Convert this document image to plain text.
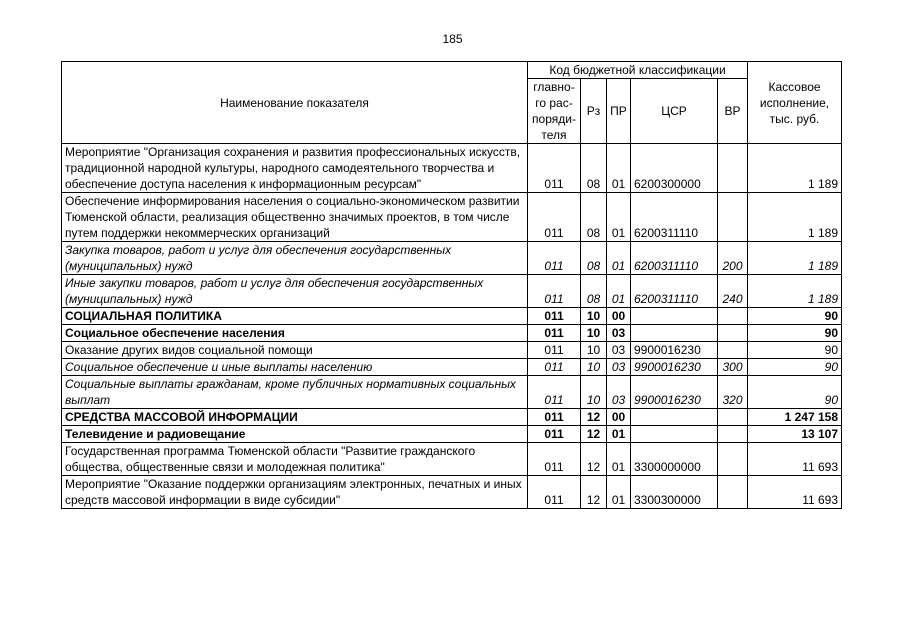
185
Наименование показателя	Код бюджетной классификации					Кассовое исполнение, тыс. руб.
	главно-го рас-поряди-теля	Рз	ПР	ЦСР	ВР	
Мероприятие "Организация сохранения и развития профессиональных искусств, традиционной народной культуры, народного самодеятельного творчества и обеспечение доступа населения к информационным ресурсам"	011	08	01	6200300000		1 189
Обеспечение информирования населения о социально-экономическом развитии Тюменской области, реализация общественно значимых проектов, в том числе путем поддержки некоммерческих организаций	011	08	01	6200311110		1 189
Закупка товаров, работ и услуг для обеспечения государственных (муниципальных) нужд	011	08	01	6200311110	200	1 189
Иные закупки товаров, работ и услуг для обеспечения государственных (муниципальных) нужд	011	08	01	6200311110	240	1 189
СОЦИАЛЬНАЯ ПОЛИТИКА	011	10	00			90
Социальное обеспечение населения	011	10	03			90
Оказание других видов социальной помощи	011	10	03	9900016230		90
Социальное обеспечение и иные выплаты населению	011	10	03	9900016230	300	90
Социальные выплаты гражданам, кроме публичных нормативных социальных выплат	011	10	03	9900016230	320	90
СРЕДСТВА МАССОВОЙ ИНФОРМАЦИИ	011	12	00			1 247 158
Телевидение и радиовещание	011	12	01			13 107
Государственная программа Тюменской области "Развитие гражданского общества, общественные связи и молодежная политика"	011	12	01	3300000000		11 693
Мероприятие "Оказание поддержки организациям электронных, печатных и иных средств массовой информации в виде субсидии"	011	12	01	3300300000		11 693
